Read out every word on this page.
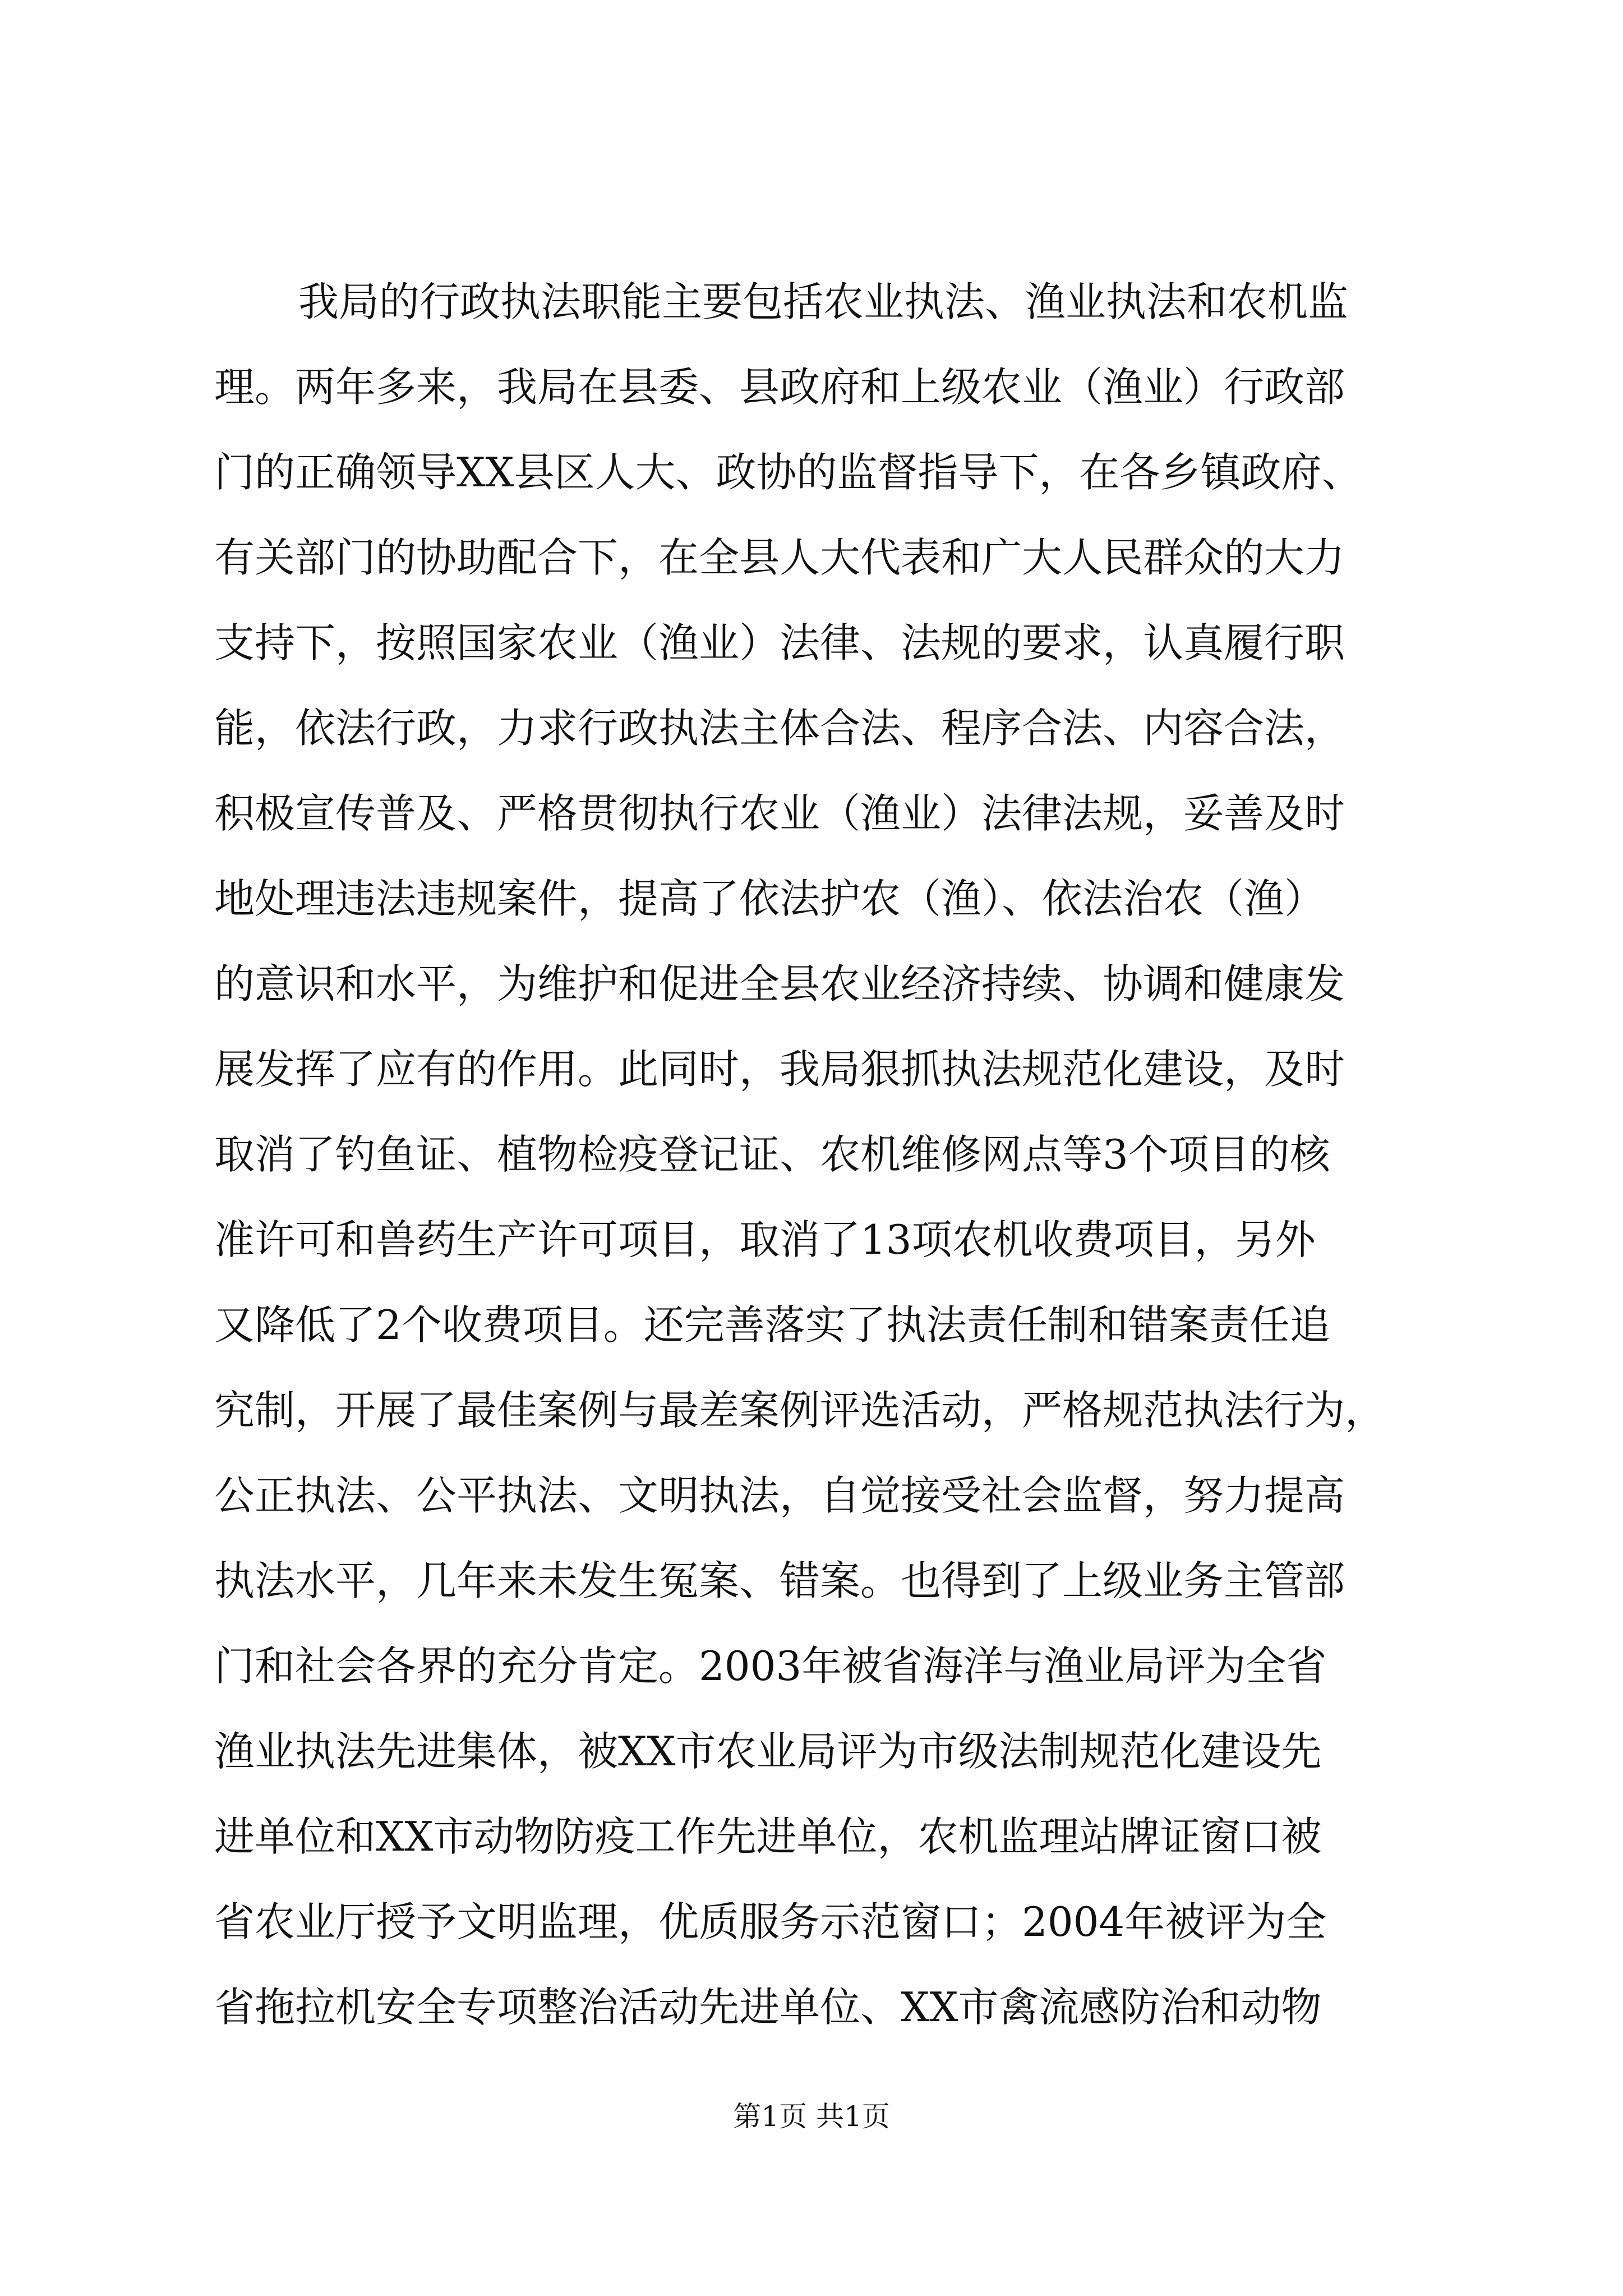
我局的行政执法职能主要包括农业执法、渔业执法和农机监
理。两年多来，我局在县委、县政府和上级农业（渔业）行政部
门的正确领导XX县区人大、政协的监督指导下，在各乡镇政府、
有关部门的协助配合下，在全县人大代表和广大人民群众的大力
支持下，按照国家农业（渔业）法律、法规的要求，认真履行职
能，依法行政，力求行政执法主体合法、程序合法、内容合法，
积极宣传普及、严格贯彻执行农业（渔业）法律法规，妥善及时
地处理违法违规案件，提高了依法护农（渔）、依法治农（渔）
的意识和水平，为维护和促进全县农业经济持续、协调和健康发
展发挥了应有的作用。此同时，我局狠抓执法规范化建设，及时
取消了钓鱼证、植物检疫登记证、农机维修网点等3个项目的核
准许可和兽药生产许可项目，取消了13项农机收费项目，另外
又降低了2个收费项目。还完善落实了执法责任制和错案责任追
究制，开展了最佳案例与最差案例评选活动，严格规范执法行为，
公正执法、公平执法、文明执法，自觉接受社会监督，努力提高
执法水平，几年来未发生冤案、错案。也得到了上级业务主管部
门和社会各界的充分肯定。2003年被省海洋与渔业局评为全省
渔业执法先进集体，被XX市农业局评为市级法制规范化建设先
进单位和XX市动物防疫工作先进单位，农机监理站牌证窗口被
省农业厅授予文明监理，优质服务示范窗口；2004年被评为全
省拖拉机安全专项整治活动先进单位、XX市禽流感防治和动物
第1页 共1页
